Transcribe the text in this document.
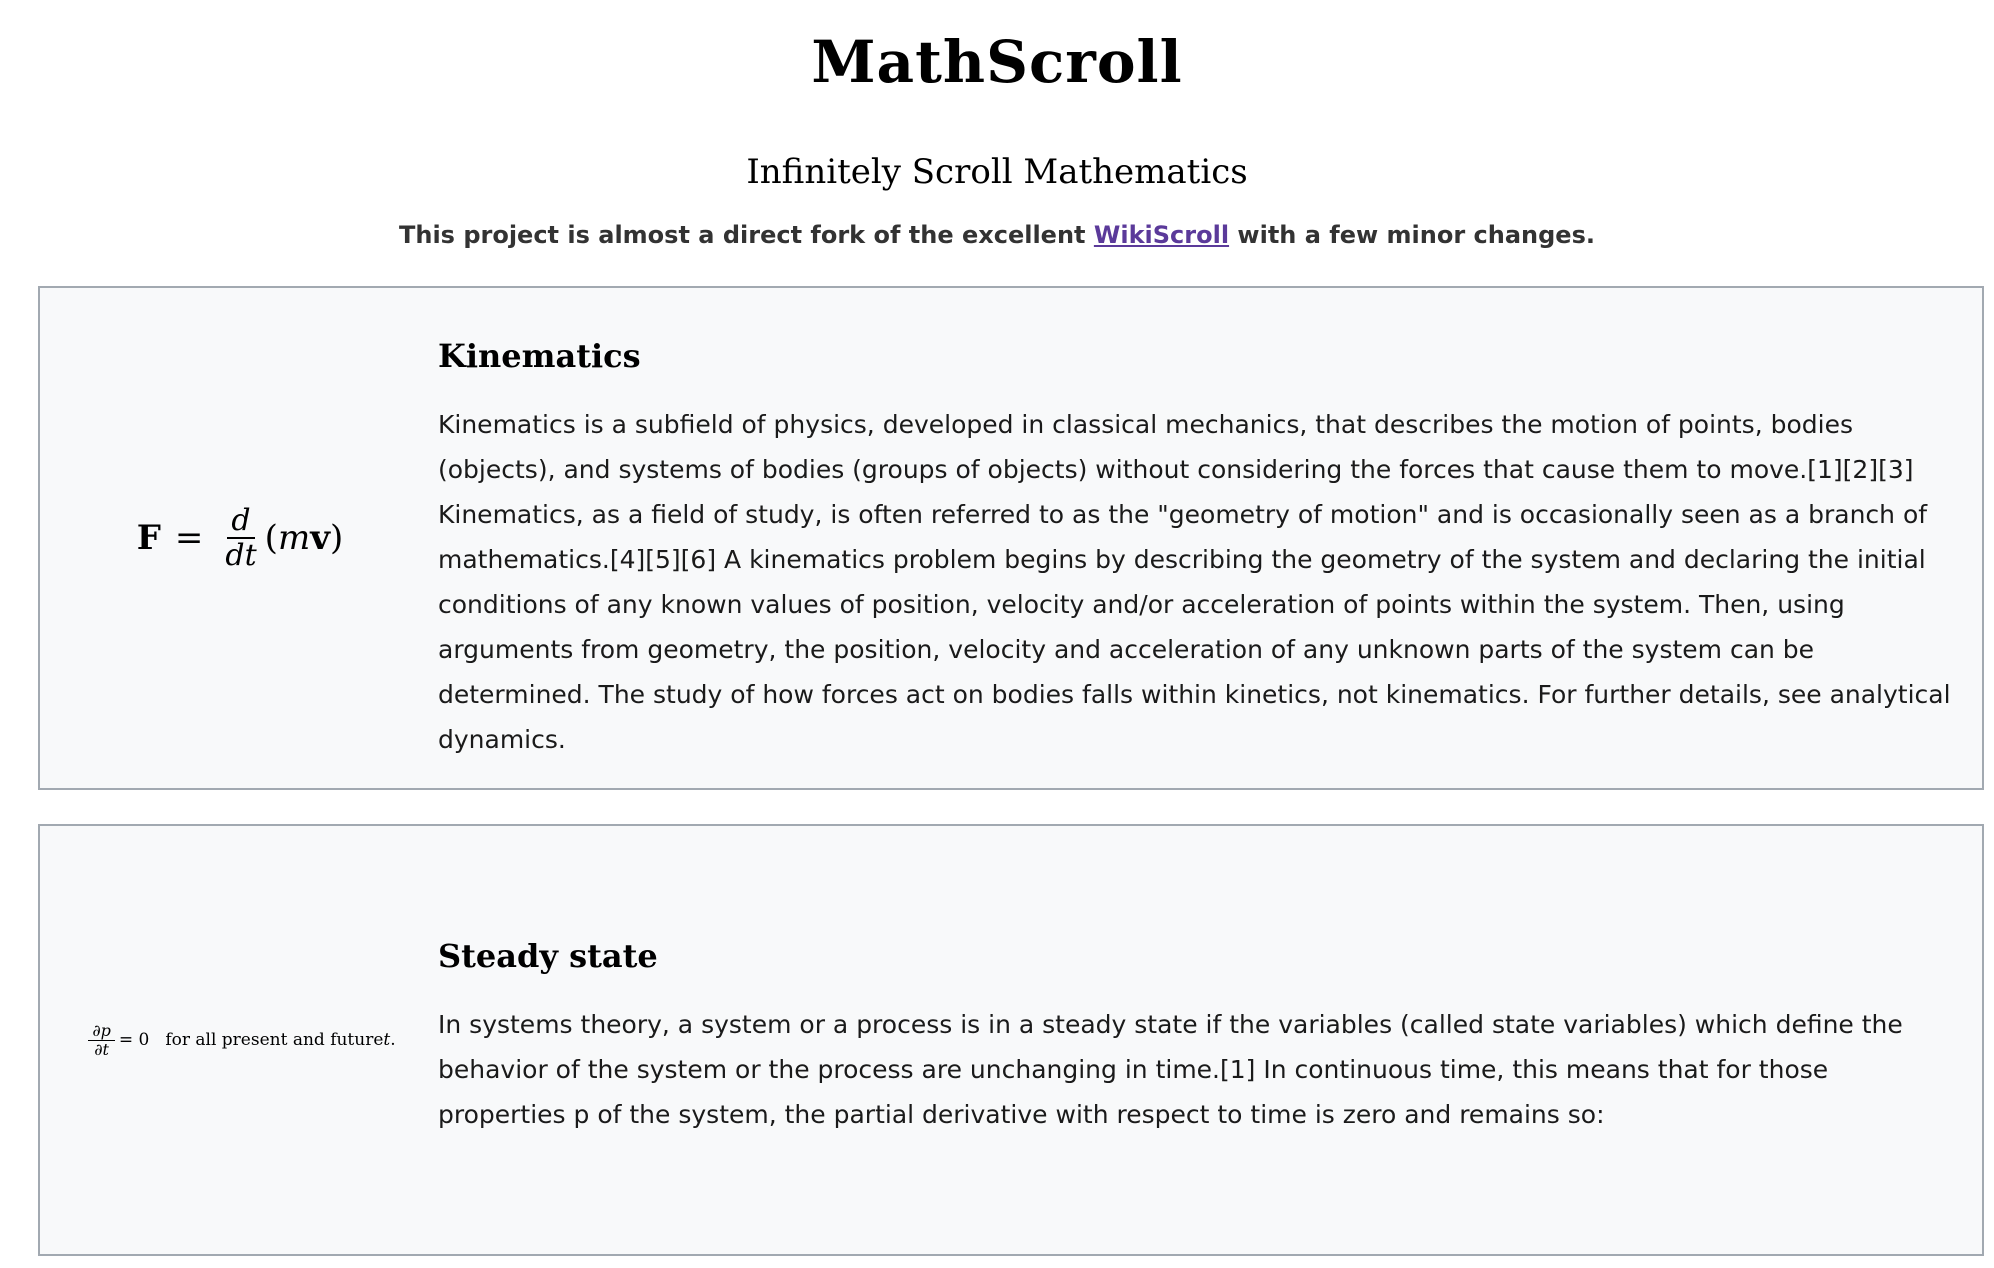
MathScroll
Infinitely Scroll Mathematics

This project is almost a direct fork of the excellent WikiScroll with a few minor changes.

$F = \frac{d}{dt}$ ( m v )
Kinematics

Kinematics is a subfield of physics, developed in classical mechanics, that describes the motion of points, bodies (objects), and systems of bodies (groups of objects) without considering the forces that cause them to move.[1][2][3] Kinematics, as a field of study, is often referred to as the "geometry of motion" and is occasionally seen as a branch of mathematics.[4][5][6] A kinematics problem begins by describing the geometry of the system and declaring the initial conditions of any known values of position, velocity and/or acceleration of points within the system. Then, using arguments from geometry, the position, velocity and acceleration of any unknown parts of the system can be determined. The study of how forces act on bodies falls within kinetics, not kinematics. For further details, see analytical dynamics.

$\frac{\partial p}{\partial t} = 0$ for all present and future t .
Steady state

In systems theory, a system or a process is in a steady state if the variables (called state variables) which define the behavior of the system or the process are unchanging in time.[1] In continuous time, this means that for those properties p of the system, the partial derivative with respect to time is zero and remains so:
